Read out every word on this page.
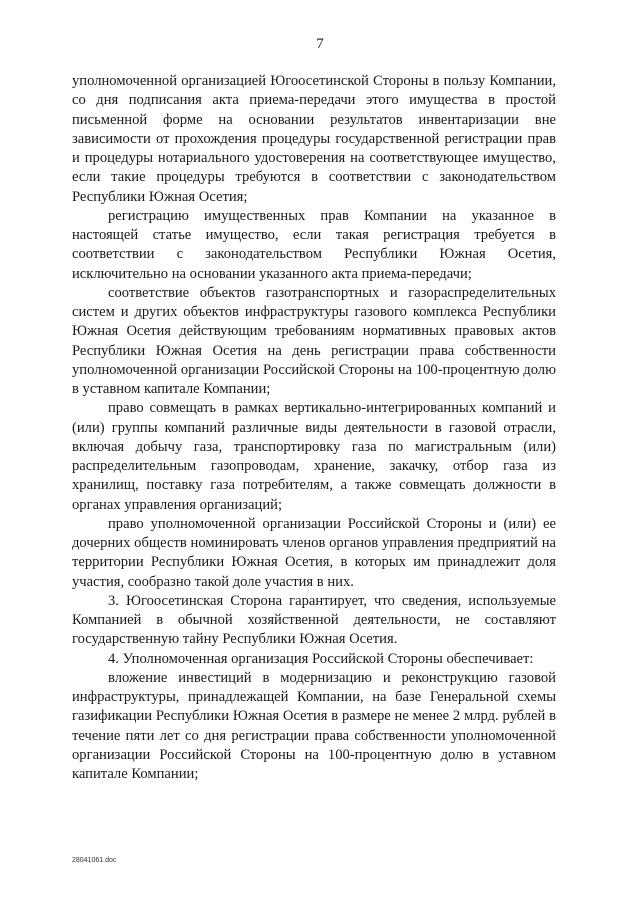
7

уполномоченной организацией Югоосетинской Стороны в пользу Компании, со дня подписания акта приема-передачи этого имущества в простой письменной форме на основании результатов инвентаризации вне зависимости от прохождения процедуры государственной регистрации прав и процедуры нотариального удостоверения на соответствующее имущество, если такие процедуры требуются в соответствии с законодательством Республики Южная Осетия;

регистрацию имущественных прав Компании на указанное в настоящей статье имущество, если такая регистрация требуется в соответствии с законодательством Республики Южная Осетия, исключительно на основании указанного акта приема-передачи;

соответствие объектов газотранспортных и газораспределительных систем и других объектов инфраструктуры газового комплекса Республики Южная Осетия действующим требованиям нормативных правовых актов Республики Южная Осетия на день регистрации права собственности уполномоченной организации Российской Стороны на 100-процентную долю в уставном капитале Компании;

право совмещать в рамках вертикально-интегрированных компаний и (или) группы компаний различные виды деятельности в газовой отрасли, включая добычу газа, транспортировку газа по магистральным (или) распределительным газопроводам, хранение, закачку, отбор газа из хранилищ, поставку газа потребителям, а также совмещать должности в органах управления организаций;

право уполномоченной организации Российской Стороны и (или) ее дочерних обществ номинировать членов органов управления предприятий на территории Республики Южная Осетия, в которых им принадлежит доля участия, сообразно такой доле участия в них.

3. Югоосетинская Сторона гарантирует, что сведения, используемые Компанией в обычной хозяйственной деятельности, не составляют государственную тайну Республики Южная Осетия.

4. Уполномоченная организация Российской Стороны обеспечивает:

вложение инвестиций в модернизацию и реконструкцию газовой инфраструктуры, принадлежащей Компании, на базе Генеральной схемы газификации Республики Южная Осетия в размере не менее 2 млрд. рублей в течение пяти лет со дня регистрации права собственности уполномоченной организации Российской Стороны на 100-процентную долю в уставном капитале Компании;

28041061.doc
